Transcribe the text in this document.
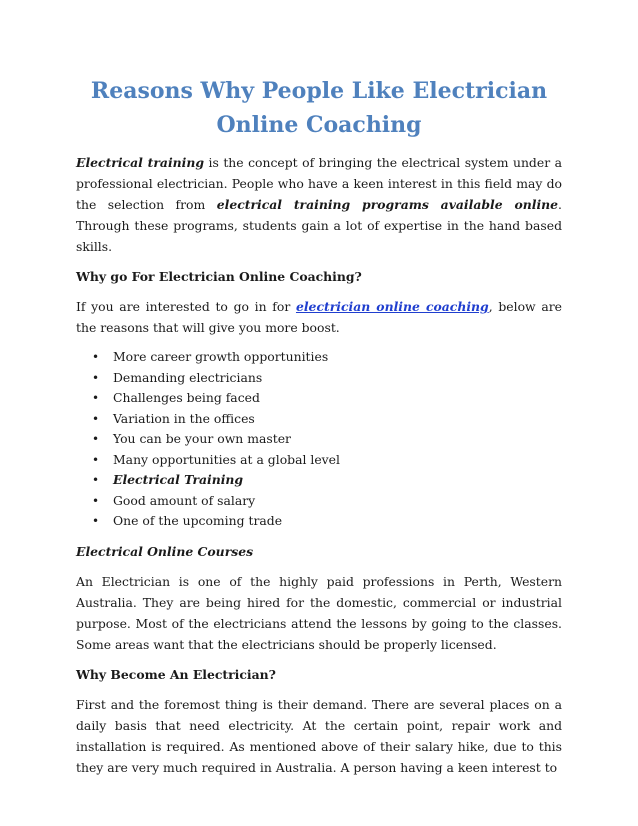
Reasons Why People Like Electrician Online Coaching

Electrical training is the concept of bringing the electrical system under a professional electrician. People who have a keen interest in this field may do the selection from electrical training programs available online. Through these programs, students gain a lot of expertise in the hand based skills.

Why go For Electrician Online Coaching?

If you are interested to go in for electrician online coaching, below are the reasons that will give you more boost.

• More career growth opportunities
• Demanding electricians
• Challenges being faced
• Variation in the offices
• You can be your own master
• Many opportunities at a global level
• Electrical Training
• Good amount of salary
• One of the upcoming trade
Electrical Online Courses

An Electrician is one of the highly paid professions in Perth, Western Australia. They are being hired for the domestic, commercial or industrial purpose. Most of the electricians attend the lessons by going to the classes. Some areas want that the electricians should be properly licensed.

Why Become An Electrician?

First and the foremost thing is their demand. There are several places on a daily basis that need electricity. At the certain point, repair work and installation is required. As mentioned above of their salary hike, due to this they are very much required in Australia. A person having a keen interest to
